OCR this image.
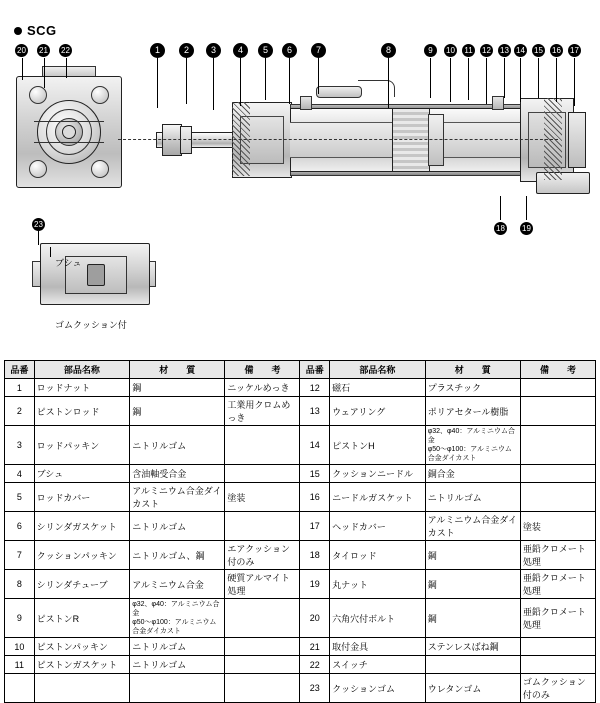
SCG
20 21 22	1	2	3	4	5	6	7	8	9	10 11 12 13 14 15 16 17
18 19
23
ブシュ
ゴムクッション付
品番	部品名称	材　　質	備　　考	品番	部品名称	材　　質	備　　考
1	ロッドナット	鋼	ニッケルめっき	12	磁石	プラスチック	
2	ピストンロッド	鋼	工業用クロムめっき	13	ウェアリング	ポリアセタール樹脂	
3	ロッドパッキン	ニトリルゴム		14	ピストンH	φ32、φ40：アルミニウム合金
φ50～φ100：アルミニウム合金ダイカスト	

4	ブシュ	含油軸受合金		15	クッションニードル	銅合金	
5	ロッドカバー	アルミニウム合金ダイカスト	塗装	16	ニードルガスケット	ニトリルゴム	
6	シリンダガスケット	ニトリルゴム		17	ヘッドカバー	アルミニウム合金ダイカスト	塗装
7	クッションパッキン	ニトリルゴム、鋼	エアクッション付のみ	18	タイロッド	鋼	亜鉛クロメート処理
8	シリンダチューブ	アルミニウム合金	硬質アルマイト処理	19	丸ナット	鋼	亜鉛クロメート処理
9	ピストンR	φ32、φ40：アルミニウム合金
φ50～φ100：アルミニウム合金ダイカスト		20	六角穴付ボルト	鋼	亜鉛クロメート処理
10	ピストンパッキン	ニトリルゴム		21	取付金具	ステンレスばね鋼	
11	ピストンガスケット	ニトリルゴム		22	スイッチ		
				23	クッションゴム	ウレタンゴム	ゴムクッション付のみ
